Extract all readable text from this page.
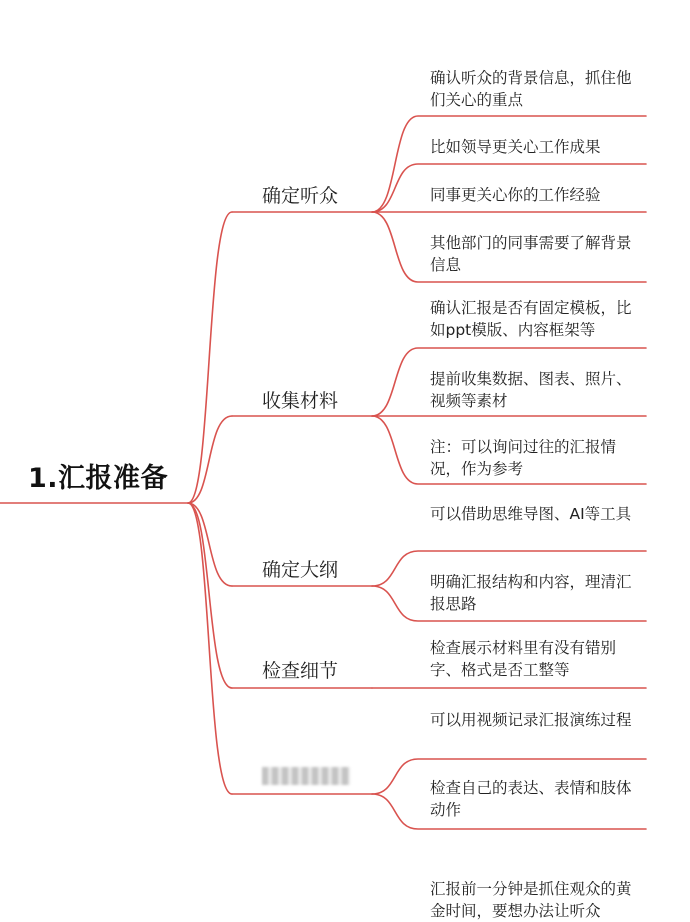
1.汇报准备
确定听众
收集材料
确定大纲
检查细节
确认听众的背景信息，抓住他们关心的重点
比如领导更关心工作成果
同事更关心你的工作经验
其他部门的同事需要了解背景信息
确认汇报是否有固定模板，比如ppt模版、内容框架等
提前收集数据、图表、照片、视频等素材
注：可以询问过往的汇报情况，作为参考
可以借助思维导图、AI等工具
明确汇报结构和内容，理清汇报思路
检查展示材料里有没有错别字、格式是否工整等
可以用视频记录汇报演练过程
检查自己的表达、表情和肢体动作
汇报前一分钟是抓住观众的黄金时间，要想办法让听众
